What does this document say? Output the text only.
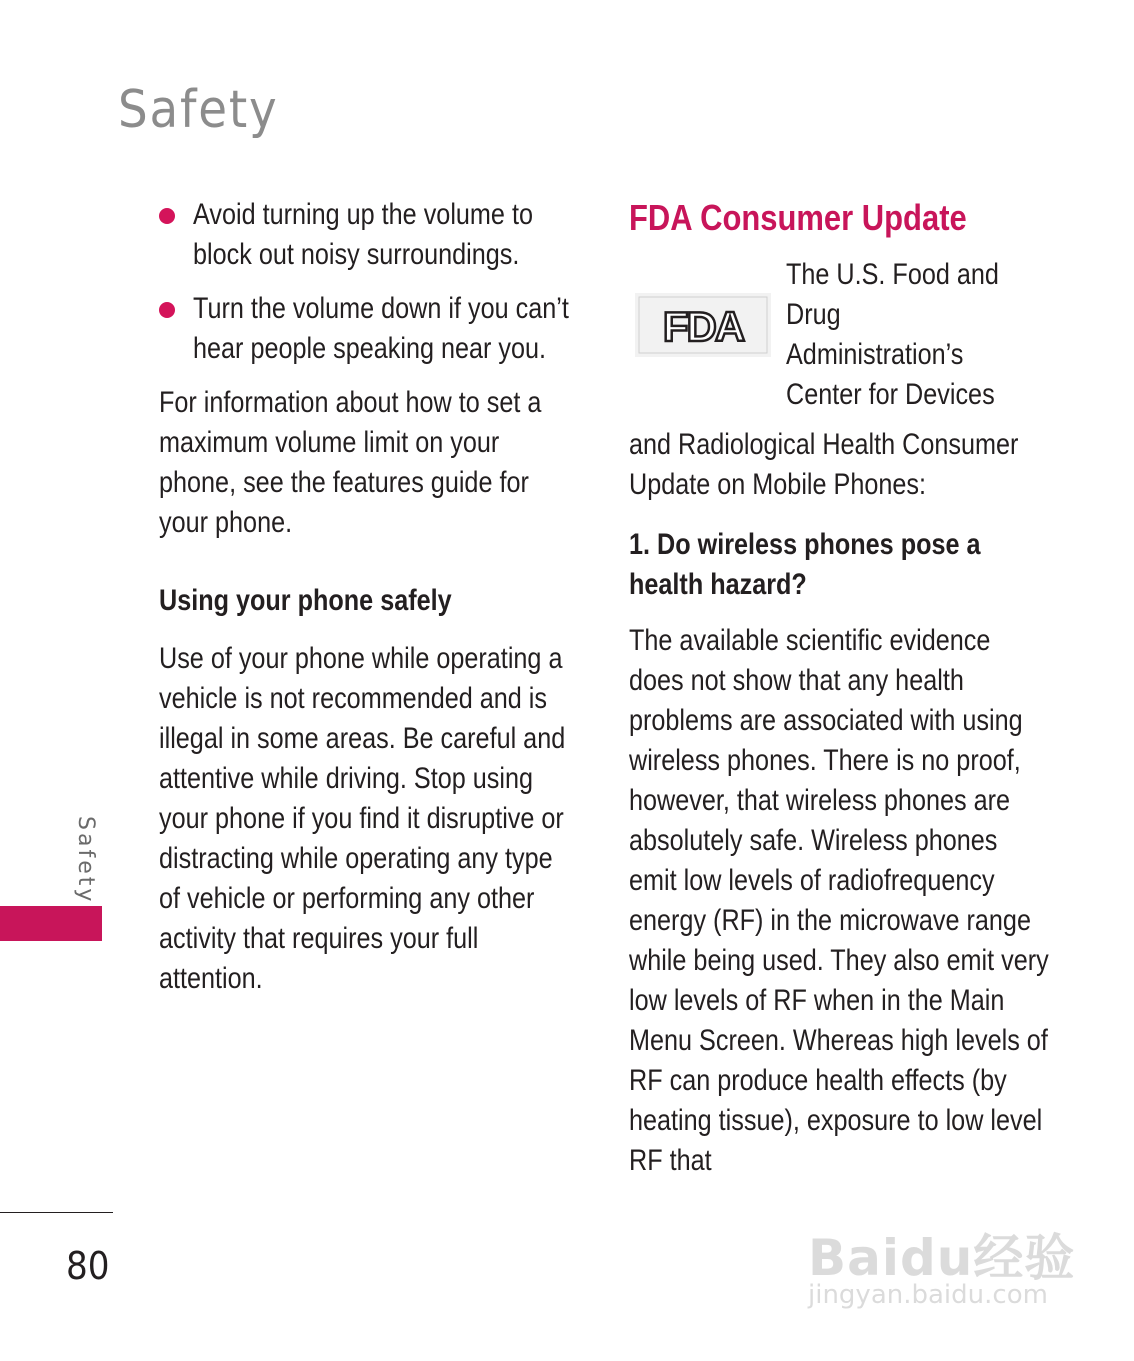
Safety
Avoid turning up the volume to block out noisy surroundings.
Turn the volume down if you can’t hear people speaking near you.

For information about how to set a maximum volume limit on your phone, see the features guide for your phone.

Using your phone safely

Use of your phone while operating a vehicle is not recommended and is illegal in some areas. Be careful and attentive while driving. Stop using your phone if you find it disruptive or distracting while operating any type of vehicle or performing any other activity that requires your full attention.

FDA Consumer Update
FDA
The U.S. Food and
Drug
Administration’s
Center for Devices

and Radiological Health Consumer Update on Mobile Phones:

1. Do wireless phones pose a health hazard?

The available scientific evidence does not show that any health problems are associated with using wireless phones. There is no proof, however, that wireless phones are absolutely safe. Wireless phones emit low levels of radiofrequency energy (RF) in the microwave range while being used. They also emit very low levels of RF when in the Main Menu Screen. Whereas high levels of RF can produce health effects (by heating tissue), exposure to low level RF that

Safety
80	Baidu经验
jingyan.baidu.com
